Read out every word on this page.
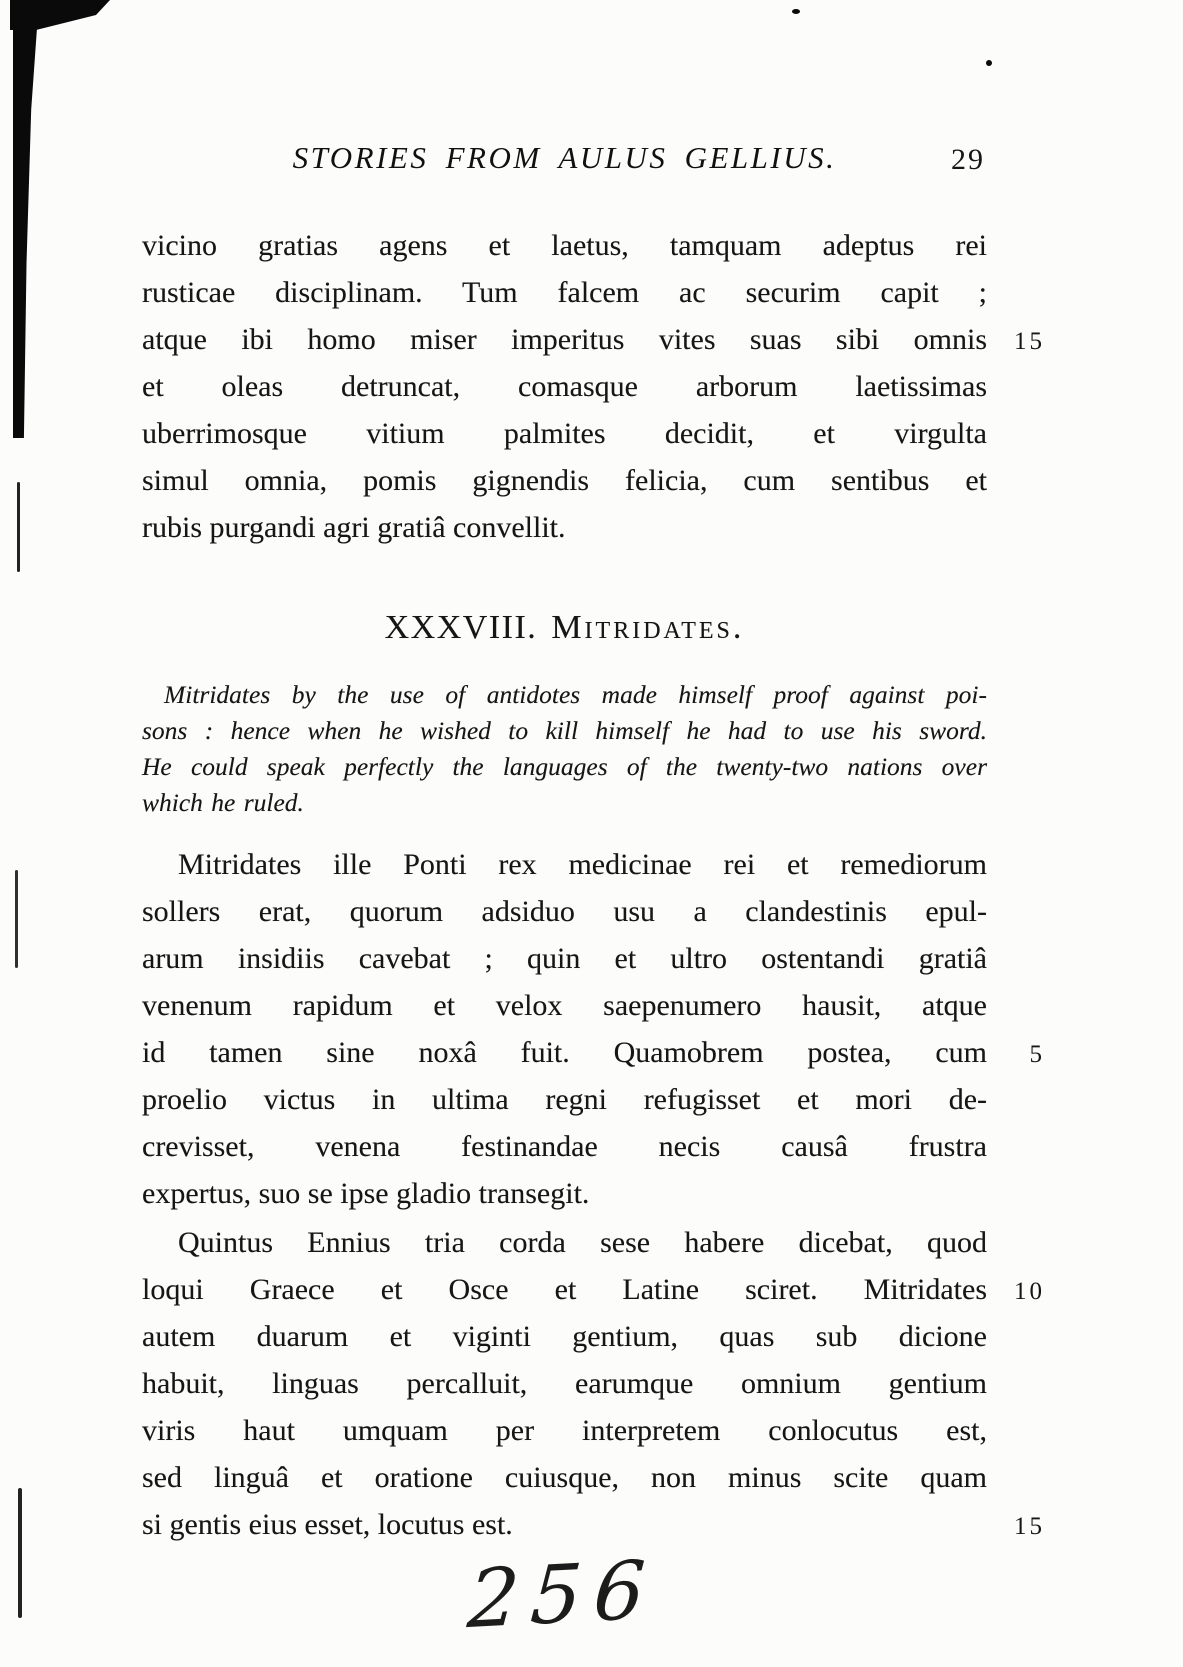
STORIES FROM AULUS GELLIUS.	29
vicino gratias agens et laetus, tamquam adeptus rei
rusticae disciplinam. Tum falcem ac securim capit ;
atque ibi homo miser imperitus vites suas sibi omnis 15
et oleas detruncat, comasque arborum laetissimas
uberrimosque vitium palmites decidit, et virgulta
simul omnia, pomis gignendis felicia, cum sentibus et
rubis purgandi agri gratiâ convellit.
XXXVIII. Mitridates.
Mitridates by the use of antidotes made himself proof against poi-
sons : hence when he wished to kill himself he had to use his sword.
He could speak perfectly the languages of the twenty-two nations over
which he ruled.
Mitridates ille Ponti rex medicinae rei et remediorum
sollers erat, quorum adsiduo usu a clandestinis epul-
arum insidiis cavebat ; quin et ultro ostentandi gratiâ
venenum rapidum et velox saepenumero hausit, atque
id tamen sine noxâ fuit. Quamobrem postea, cum 5
proelio victus in ultima regni refugisset et mori de-
crevisset, venena festinandae necis causâ frustra
expertus, suo se ipse gladio transegit.
Quintus Ennius tria corda sese habere dicebat, quod
loqui Graece et Osce et Latine sciret. Mitridates 10
autem duarum et viginti gentium, quas sub dicione
habuit, linguas percalluit, earumque omnium gentium
viris haut umquam per interpretem conlocutus est,
sed linguâ et oratione cuiusque, non minus scite quam
si gentis eius esset, locutus est.	15
256
